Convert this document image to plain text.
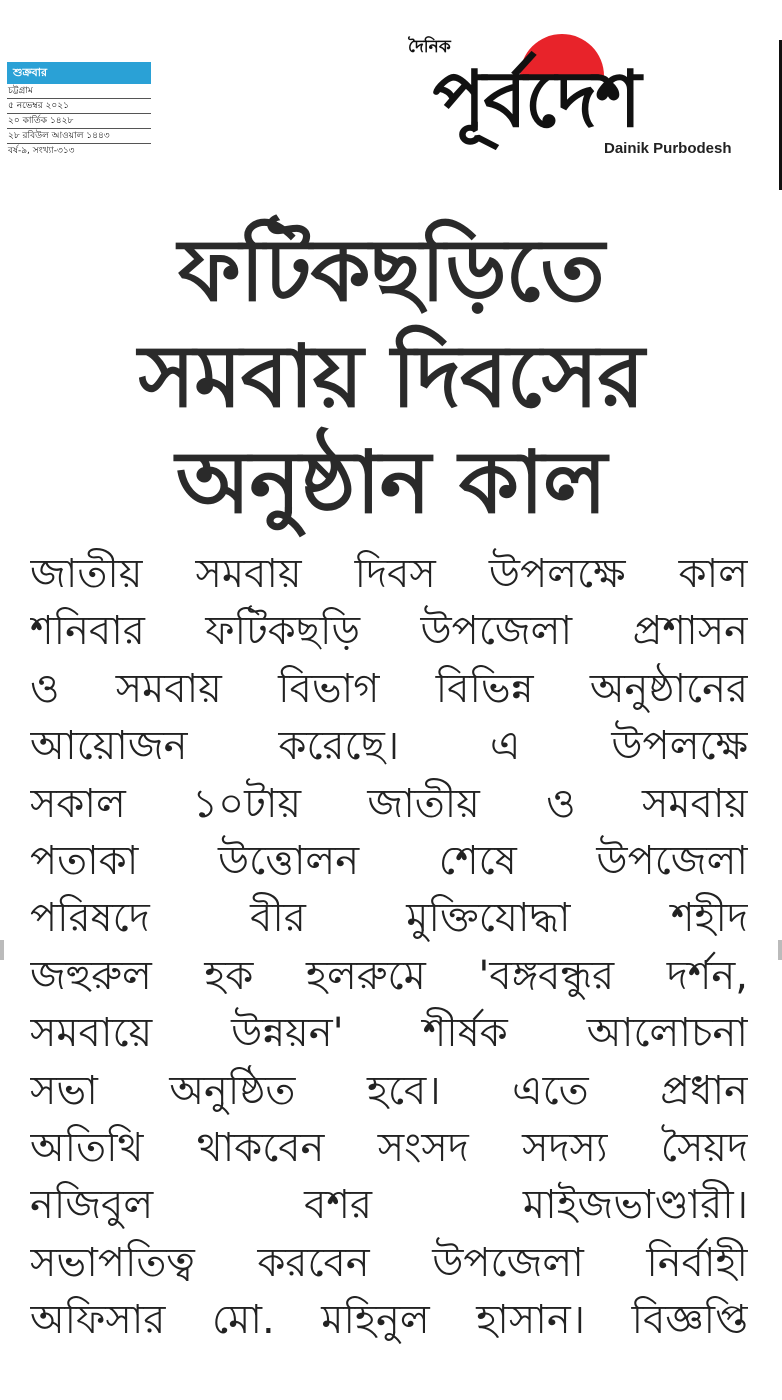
শুক্রবার
চট্টগ্রাম
৫ নভেম্বর ২০২১
২০ কার্তিক ১৪২৮
২৮ রবিউল আওয়াল ১৪৪৩
বর্ষ-৯, সংখ্যা-৩১৩
দৈনিক
পূর্বদেশ
Dainik Purbodesh
ফটিকছড়িতে
সমবায় দিবসের
অনুষ্ঠান কাল
জাতীয় সমবায় দিবস উপলক্ষে কাল
শনিবার ফটিকছড়ি উপজেলা প্রশাসন
ও সমবায় বিভাগ বিভিন্ন অনুষ্ঠানের
আয়োজন করেছে। এ উপলক্ষে
সকাল ১০টায় জাতীয় ও সমবায়
পতাকা উত্তোলন শেষে উপজেলা
পরিষদে বীর মুক্তিযোদ্ধা শহীদ
জহুরুল হক হলরুমে 'বঙ্গবন্ধুর দর্শন,
সমবায়ে উন্নয়ন' শীর্ষক আলোচনা
সভা অনুষ্ঠিত হবে। এতে প্রধান
অতিথি থাকবেন সংসদ সদস্য সৈয়দ
নজিবুল বশর মাইজভাণ্ডারী।
সভাপতিত্ব করবেন উপজেলা নির্বাহী
অফিসার মো. মহিনুল হাসান। বিজ্ঞপ্তি
